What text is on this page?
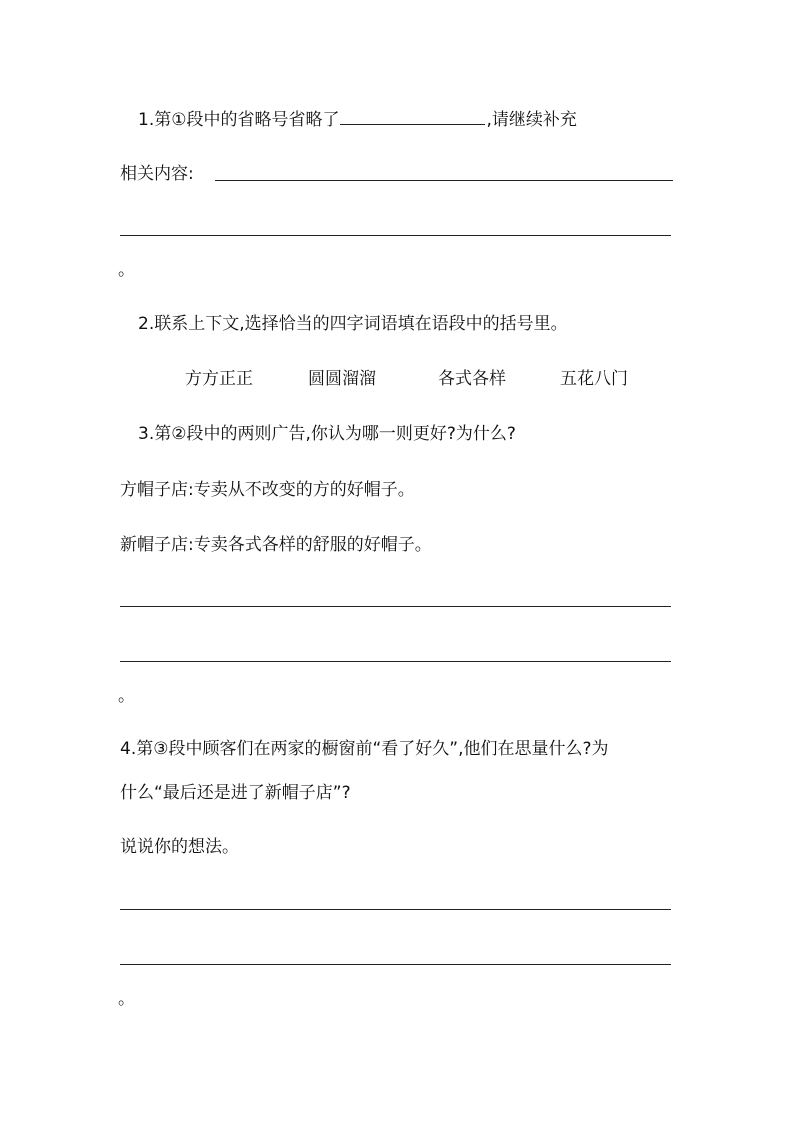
1.第①段中的省略号省略了	,请继续补充
相关内容:
。
2.联系上下文,选择恰当的四字词语填在语段中的括号里。
方方正正	圆圆溜溜	各式各样	五花八门
3.第②段中的两则广告,你认为哪一则更好?为什么?
方帽子店:专卖从不改变的方的好帽子。
新帽子店:专卖各式各样的舒服的好帽子。
。
4.第③段中顾客们在两家的橱窗前“看了好久”,他们在思量什么?为
什么“最后还是进了新帽子店”?
说说你的想法。
。
